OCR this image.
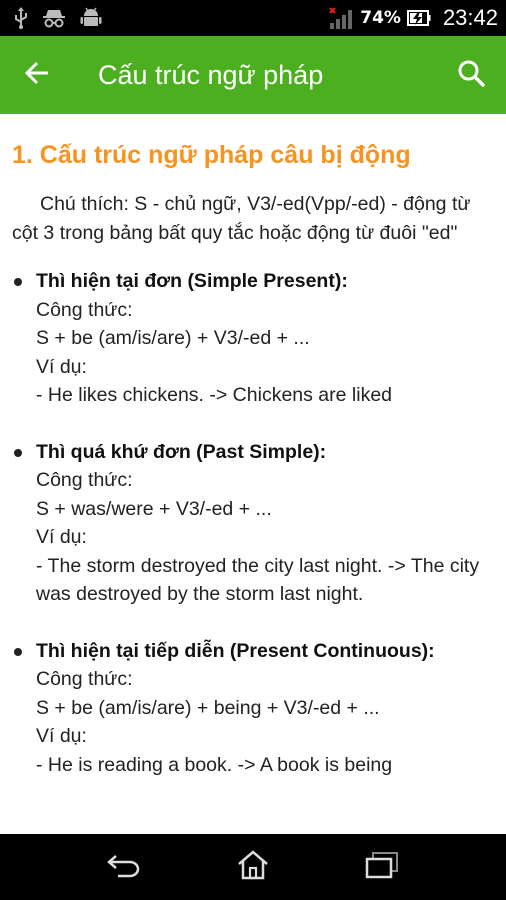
74% 23:42
Cấu trúc ngữ pháp
1. Cấu trúc ngữ pháp câu bị động
Chú thích: S - chủ ngữ, V3/-ed(Vpp/-ed) - động từ cột 3 trong bảng bất quy tắc hoặc động từ đuôi "ed"
Thì hiện tại đơn (Simple Present):
Công thức:
S + be (am/is/are) + V3/-ed + ...
Ví dụ:
- He likes chickens. -> Chickens are liked
Thì quá khứ đơn (Past Simple):
Công thức:
S + was/were + V3/-ed + ...
Ví dụ:
- The storm destroyed the city last night. -> The city was destroyed by the storm last night.
Thì hiện tại tiếp diễn (Present Continuous):
Công thức:
S + be (am/is/are) + being + V3/-ed + ...
Ví dụ:
- He is reading a book. -> A book is being
